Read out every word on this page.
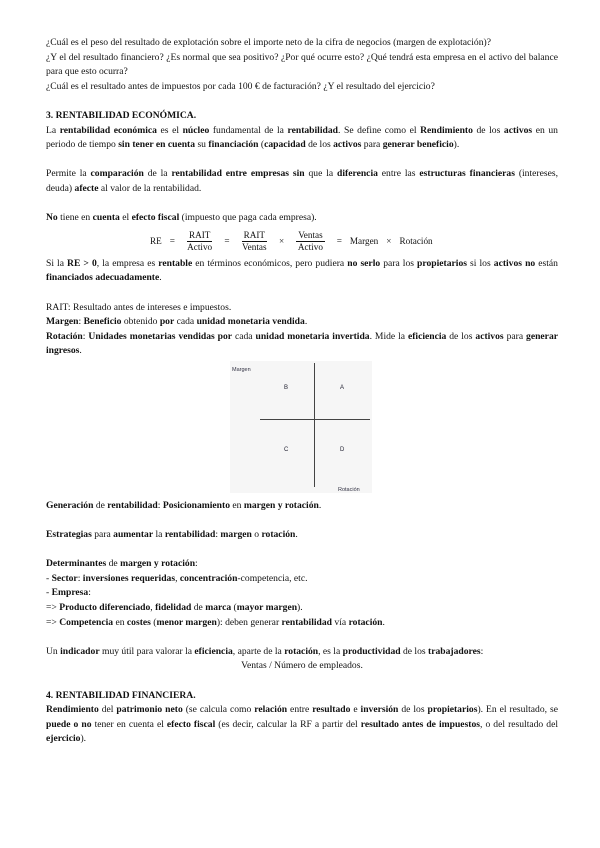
¿Cuál es el peso del resultado de explotación sobre el importe neto de la cifra de negocios (margen de explotación)?

¿Y el del resultado financiero? ¿Es normal que sea positivo? ¿Por qué ocurre esto? ¿Qué tendrá esta empresa en el activo del balance para que esto ocurra?

¿Cuál es el resultado antes de impuestos por cada 100 € de facturación? ¿Y el resultado del ejercicio?

3. RENTABILIDAD ECONÓMICA.

La rentabilidad económica es el núcleo fundamental de la rentabilidad. Se define como el Rendimiento de los activos en un periodo de tiempo sin tener en cuenta su financiación (capacidad de los activos para generar beneficio).

Permite la comparación de la rentabilidad entre empresas sin que la diferencia entre las estructuras financieras (intereses, deuda) afecte al valor de la rentabilidad.

No tiene en cuenta el efecto fiscal (impuesto que paga cada empresa).

RE = $\frac{\text{RAIT}}{\text{Activo}} = \frac{\text{RAIT}}{\text{Ventas}} \times \frac{\text{Ventas}}{\text{Activo}}$ = Margen × Rotación

Si la RE > 0, la empresa es rentable en términos económicos, pero pudiera no serlo para los propietarios si los activos no están financiados adecuadamente.

RAIT: Resultado antes de intereses e impuestos.

Margen: Beneficio obtenido por cada unidad monetaria vendida.

Rotación: Unidades monetarias vendidas por cada unidad monetaria invertida. Mide la eficiencia de los activos para generar ingresos.

Margen
Rotación
B	A
C	D

Generación de rentabilidad: Posicionamiento en margen y rotación.

Estrategias para aumentar la rentabilidad: margen o rotación.

Determinantes de margen y rotación:

- Sector: inversiones requeridas, concentración-competencia, etc.

- Empresa:

=> Producto diferenciado, fidelidad de marca (mayor margen).

=> Competencia en costes (menor margen): deben generar rentabilidad vía rotación.

Un indicador muy útil para valorar la eficiencia, aparte de la rotación, es la productividad de los trabajadores:

Ventas / Número de empleados.

4. RENTABILIDAD FINANCIERA.

Rendimiento del patrimonio neto (se calcula como relación entre resultado e inversión de los propietarios). En el resultado, se puede o no tener en cuenta el efecto fiscal (es decir, calcular la RF a partir del resultado antes de impuestos, o del resultado del ejercicio).
